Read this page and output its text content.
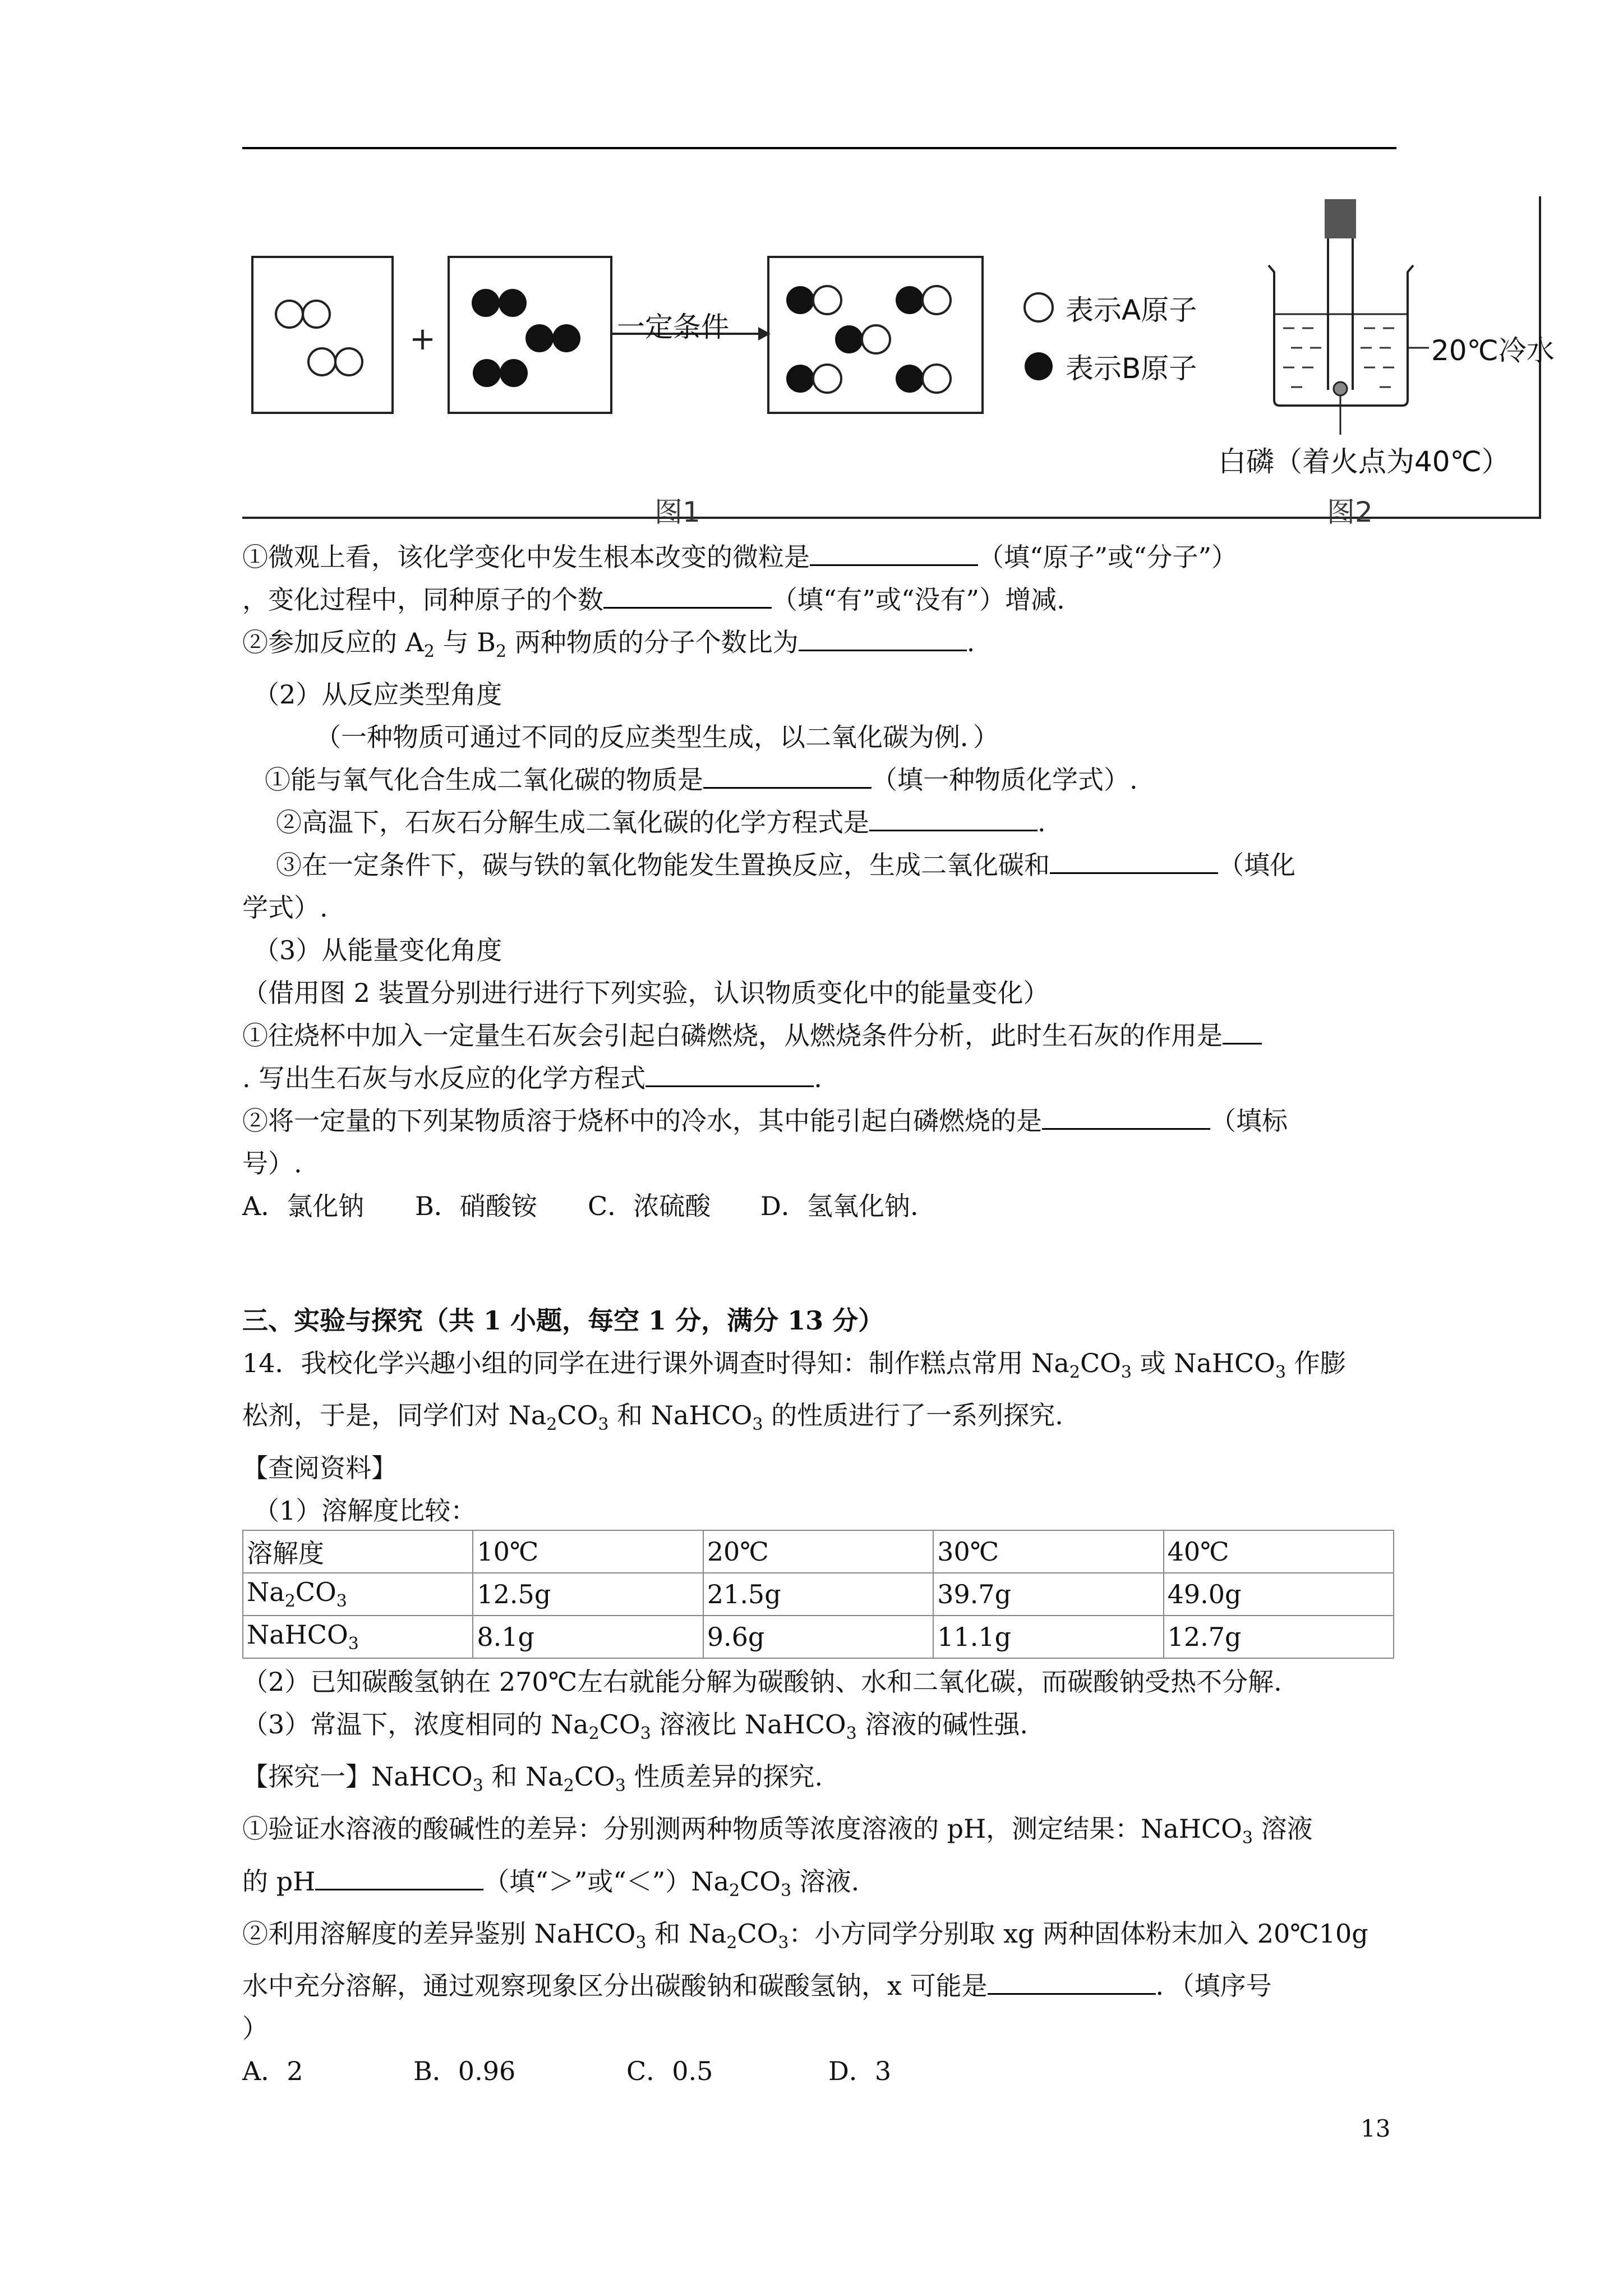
+	一定条件
表示A原子
表示B原子
20℃冷水
白磷（着火点为40℃）
图1	图2
①微观上看，该化学变化中发生根本改变的微粒是	（填“原子”或“分子”）
，变化过程中，同种原子的个数	（填“有”或“没有”）增减.
②参加反应的 $A_2$ 与 $B_2$ 两种物质的分子个数比为	.
（2）从反应类型角度
（一种物质可通过不同的反应类型生成，以二氧化碳为例．）
①能与氧气化合生成二氧化碳的物质是	（填一种物质化学式）.
②高温下，石灰石分解生成二氧化碳的化学方程式是	.
③在一定条件下，碳与铁的氧化物能发生置换反应，生成二氧化碳和	（填化
学式）.
（3）从能量变化角度
（借用图 2 装置分别进行进行下列实验，认识物质变化中的能量变化）
①往烧杯中加入一定量生石灰会引起白磷燃烧，从燃烧条件分析，此时生石灰的作用是
. 写出生石灰与水反应的化学方程式	.
②将一定量的下列某物质溶于烧杯中的冷水，其中能引起白磷燃烧的是	（填标
号）.
A．氯化钠 B．硝酸铵 C．浓硫酸 D．氢氧化钠.
三、实验与探究（共 1 小题，每空 1 分，满分 13 分）
14．我校化学兴趣小组的同学在进行课外调查时得知：制作糕点常用 $Na_2CO_3$ 或 NaHCO$_3$ 作膨
松剂，于是，同学们对 $Na_2CO_3$ 和 NaHCO$_3$ 的性质进行了一系列探究.
【查阅资料】
（1）溶解度比较：
溶解度	10℃	20℃	30℃	40℃
$Na_2CO_3$	12.5g	21.5g	39.7g	49.0g
NaHCO$_3$	8.1g	9.6g	11.1g	12.7g
（2）已知碳酸氢钠在 270℃左右就能分解为碳酸钠、水和二氧化碳，而碳酸钠受热不分解.
（3）常温下，浓度相同的 $Na_2CO_3$ 溶液比 NaHCO$_3$ 溶液的碱性强.
【探究一】NaHCO$_3$ 和 $Na_2CO_3$ 性质差异的探究.
①验证水溶液的酸碱性的差异：分别测两种物质等浓度溶液的 pH，测定结果：NaHCO$_3$ 溶液
的 pH	（填“＞”或“$<”)Na_2CO_3$ 溶液.
②利用溶解度的差异鉴别 NaHCO$_3$ 和 $Na_2CO_3$：小方同学分别取 xg 两种固体粉末加入 20℃10g
水中充分溶解，通过观察现象区分出碳酸钠和碳酸氢钠，x 可能是	．（填序号
）
A．2	B．0.96	C．0.5	D．3
13
